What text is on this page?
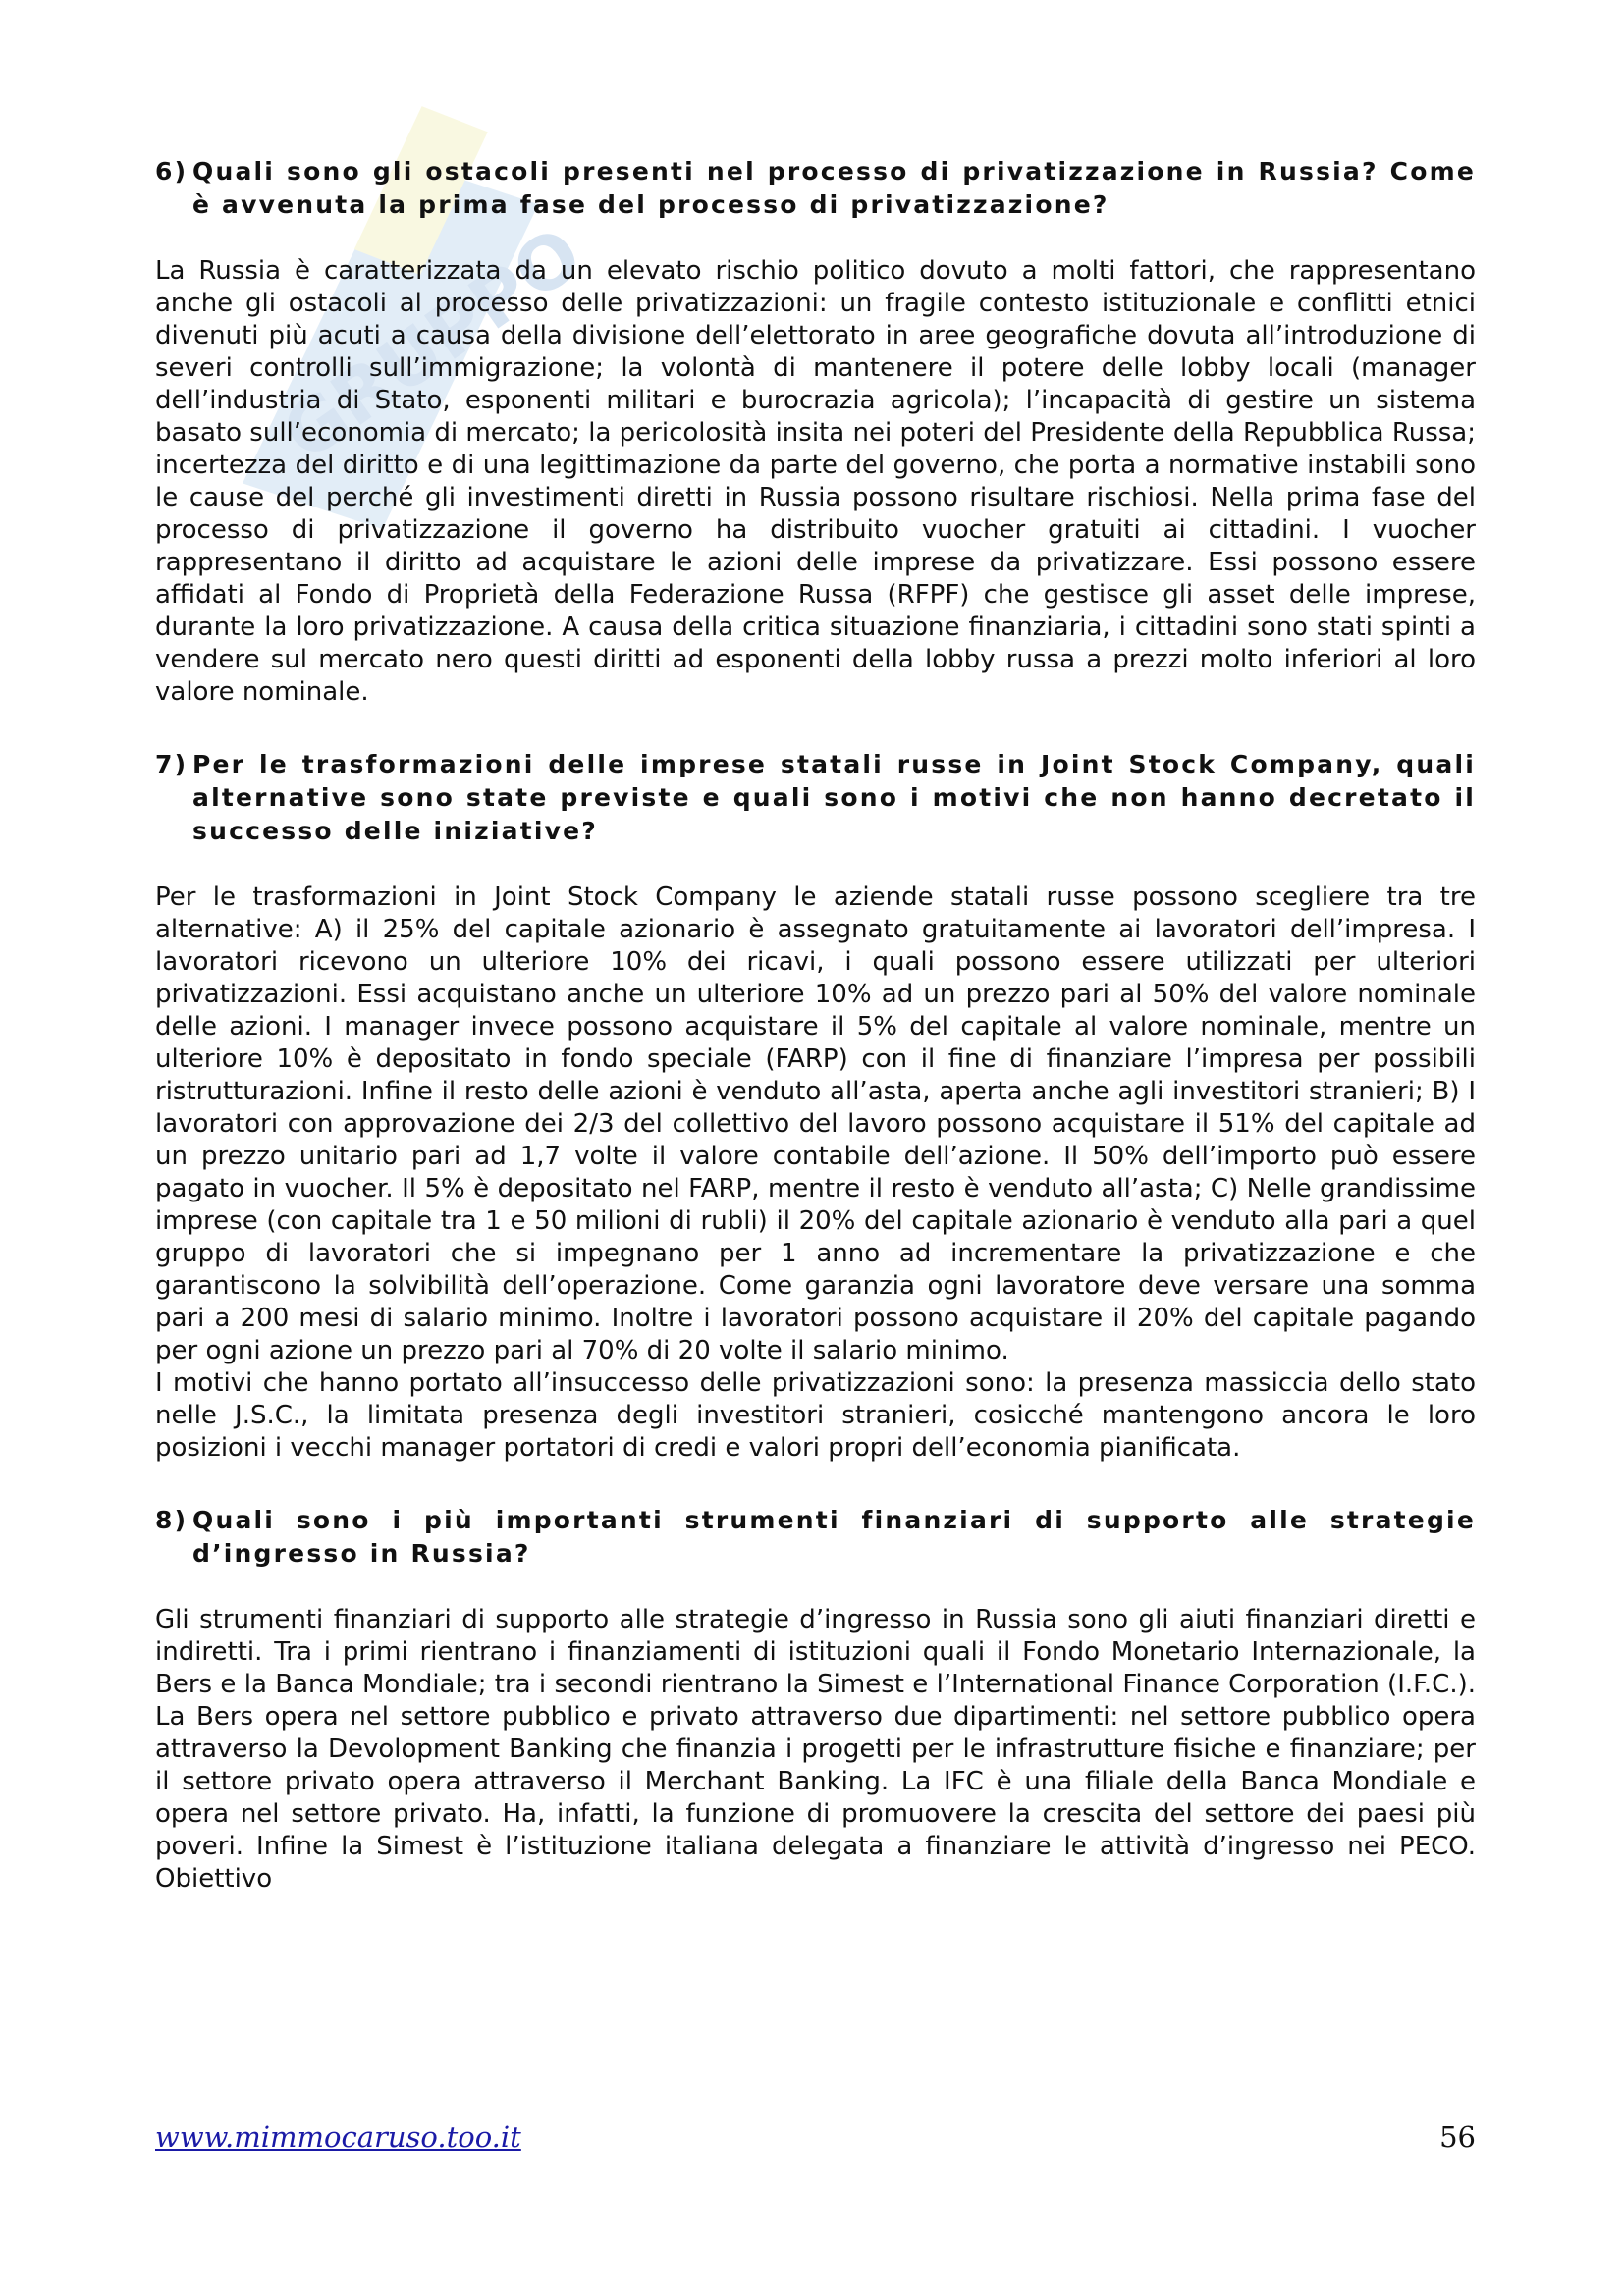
GRUPPO
6) Quali sono gli ostacoli presenti nel processo di privatizzazione in Russia? Come è avvenuta la prima fase del processo di privatizzazione?

La Russia è caratterizzata da un elevato rischio politico dovuto a molti fattori, che rappresentano anche gli ostacoli al processo delle privatizzazioni: un fragile contesto istituzionale e conflitti etnici divenuti più acuti a causa della divisione dell’elettorato in aree geografiche dovuta all’introduzione di severi controlli sull’immigrazione; la volontà di mantenere il potere delle lobby locali (manager dell’industria di Stato, esponenti militari e burocrazia agricola); l’incapacità di gestire un sistema basato sull’economia di mercato; la pericolosità insita nei poteri del Presidente della Repubblica Russa; incertezza del diritto e di una legittimazione da parte del governo, che porta a normative instabili sono le cause del perché gli investimenti diretti in Russia possono risultare rischiosi. Nella prima fase del processo di privatizzazione il governo ha distribuito vuocher gratuiti ai cittadini. I vuocher rappresentano il diritto ad acquistare le azioni delle imprese da privatizzare. Essi possono essere affidati al Fondo di Proprietà della Federazione Russa (RFPF) che gestisce gli asset delle imprese, durante la loro privatizzazione. A causa della critica situazione finanziaria, i cittadini sono stati spinti a vendere sul mercato nero questi diritti ad esponenti della lobby russa a prezzi molto inferiori al loro valore nominale.

7) Per le trasformazioni delle imprese statali russe in Joint Stock Company, quali alternative sono state previste e quali sono i motivi che non hanno decretato il successo delle iniziative?

Per le trasformazioni in Joint Stock Company le aziende statali russe possono scegliere tra tre alternative: A) il 25% del capitale azionario è assegnato gratuitamente ai lavoratori dell’impresa. I lavoratori ricevono un ulteriore 10% dei ricavi, i quali possono essere utilizzati per ulteriori privatizzazioni. Essi acquistano anche un ulteriore 10% ad un prezzo pari al 50% del valore nominale delle azioni. I manager invece possono acquistare il 5% del capitale al valore nominale, mentre un ulteriore 10% è depositato in fondo speciale (FARP) con il fine di finanziare l’impresa per possibili ristrutturazioni. Infine il resto delle azioni è venduto all’asta, aperta anche agli investitori stranieri; B) I lavoratori con approvazione dei 2/3 del collettivo del lavoro possono acquistare il 51% del capitale ad un prezzo unitario pari ad 1,7 volte il valore contabile dell’azione. Il 50% dell’importo può essere pagato in vuocher. Il 5% è depositato nel FARP, mentre il resto è venduto all’asta; C) Nelle grandissime imprese (con capitale tra 1 e 50 milioni di rubli) il 20% del capitale azionario è venduto alla pari a quel gruppo di lavoratori che si impegnano per 1 anno ad incrementare la privatizzazione e che garantiscono la solvibilità dell’operazione. Come garanzia ogni lavoratore deve versare una somma pari a 200 mesi di salario minimo. Inoltre i lavoratori possono acquistare il 20% del capitale pagando per ogni azione un prezzo pari al 70% di 20 volte il salario minimo.

I motivi che hanno portato all’insuccesso delle privatizzazioni sono: la presenza massiccia dello stato nelle J.S.C., la limitata presenza degli investitori stranieri, cosicché mantengono ancora le loro posizioni i vecchi manager portatori di credi e valori propri dell’economia pianificata.

8) Quali sono i più importanti strumenti finanziari di supporto alle strategie d’ingresso in Russia?

Gli strumenti finanziari di supporto alle strategie d’ingresso in Russia sono gli aiuti finanziari diretti e indiretti. Tra i primi rientrano i finanziamenti di istituzioni quali il Fondo Monetario Internazionale, la Bers e la Banca Mondiale; tra i secondi rientrano la Simest e l’International Finance Corporation (I.F.C.). La Bers opera nel settore pubblico e privato attraverso due dipartimenti: nel settore pubblico opera attraverso la Devolopment Banking che finanzia i progetti per le infrastrutture fisiche e finanziare; per il settore privato opera attraverso il Merchant Banking. La IFC è una filiale della Banca Mondiale e opera nel settore privato. Ha, infatti, la funzione di promuovere la crescita del settore dei paesi più poveri. Infine la Simest è l’istituzione italiana delegata a finanziare le attività d’ingresso nei PECO. Obiettivo

www.mimmocaruso.too.it	56
